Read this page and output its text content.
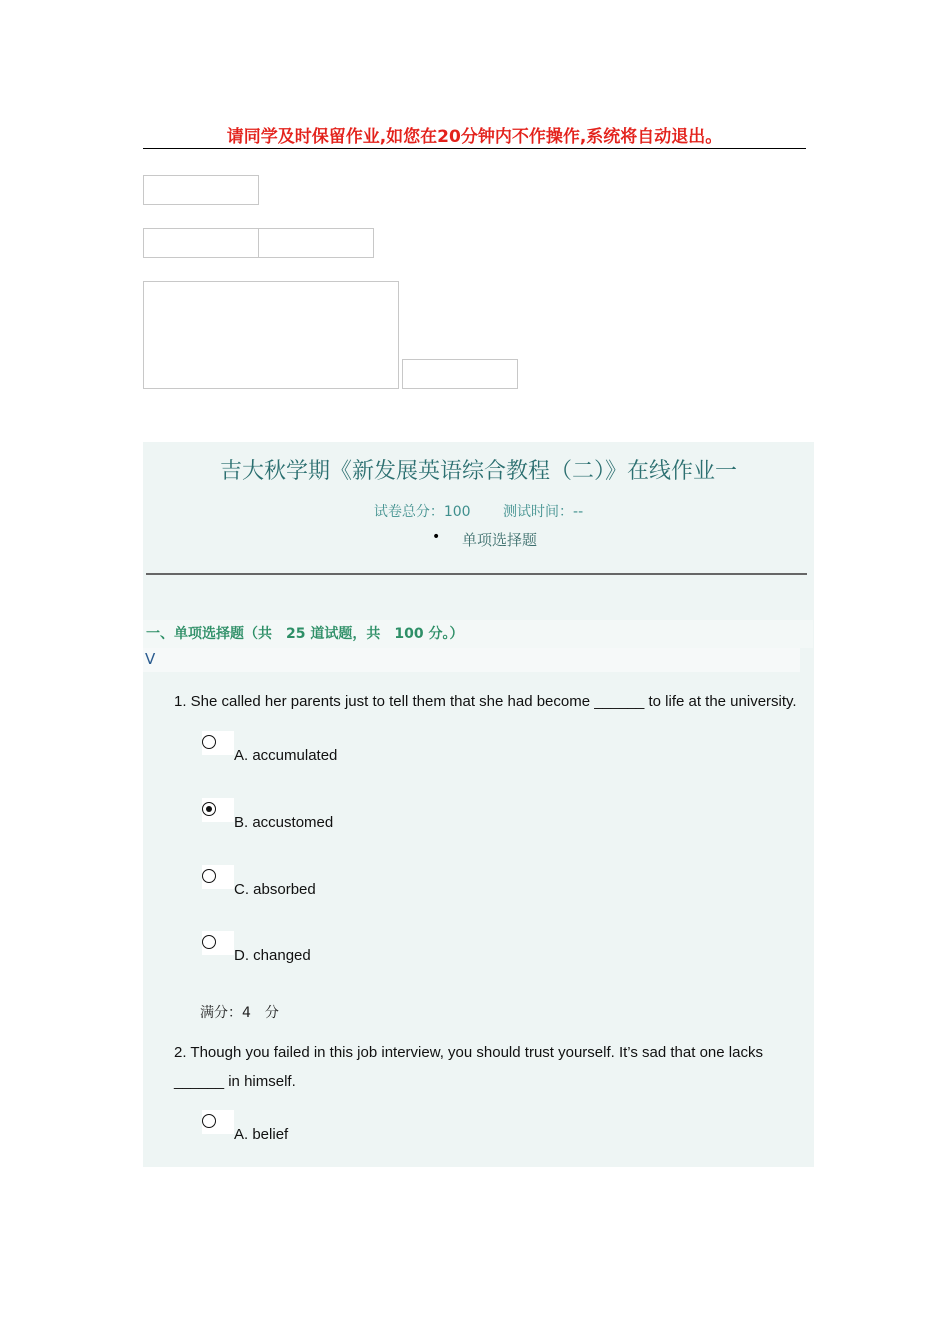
请同学及时保留作业,如您在20分钟内不作操作,系统将自动退出。
吉大秋学期《新发展英语综合教程（二）》在线作业一
试卷总分：100 测试时间：--
• 单项选择题
一、单项选择题（共　25 道试题，共　100 分。）
V
1. She called her parents just to tell them that she had become ______ to life at the university.
A. accumulated
B. accustomed
C. absorbed
D. changed
满分：4　分
2. Though you failed in this job interview, you should trust yourself. It’s sad that one lacks ______ in himself.
A. belief
